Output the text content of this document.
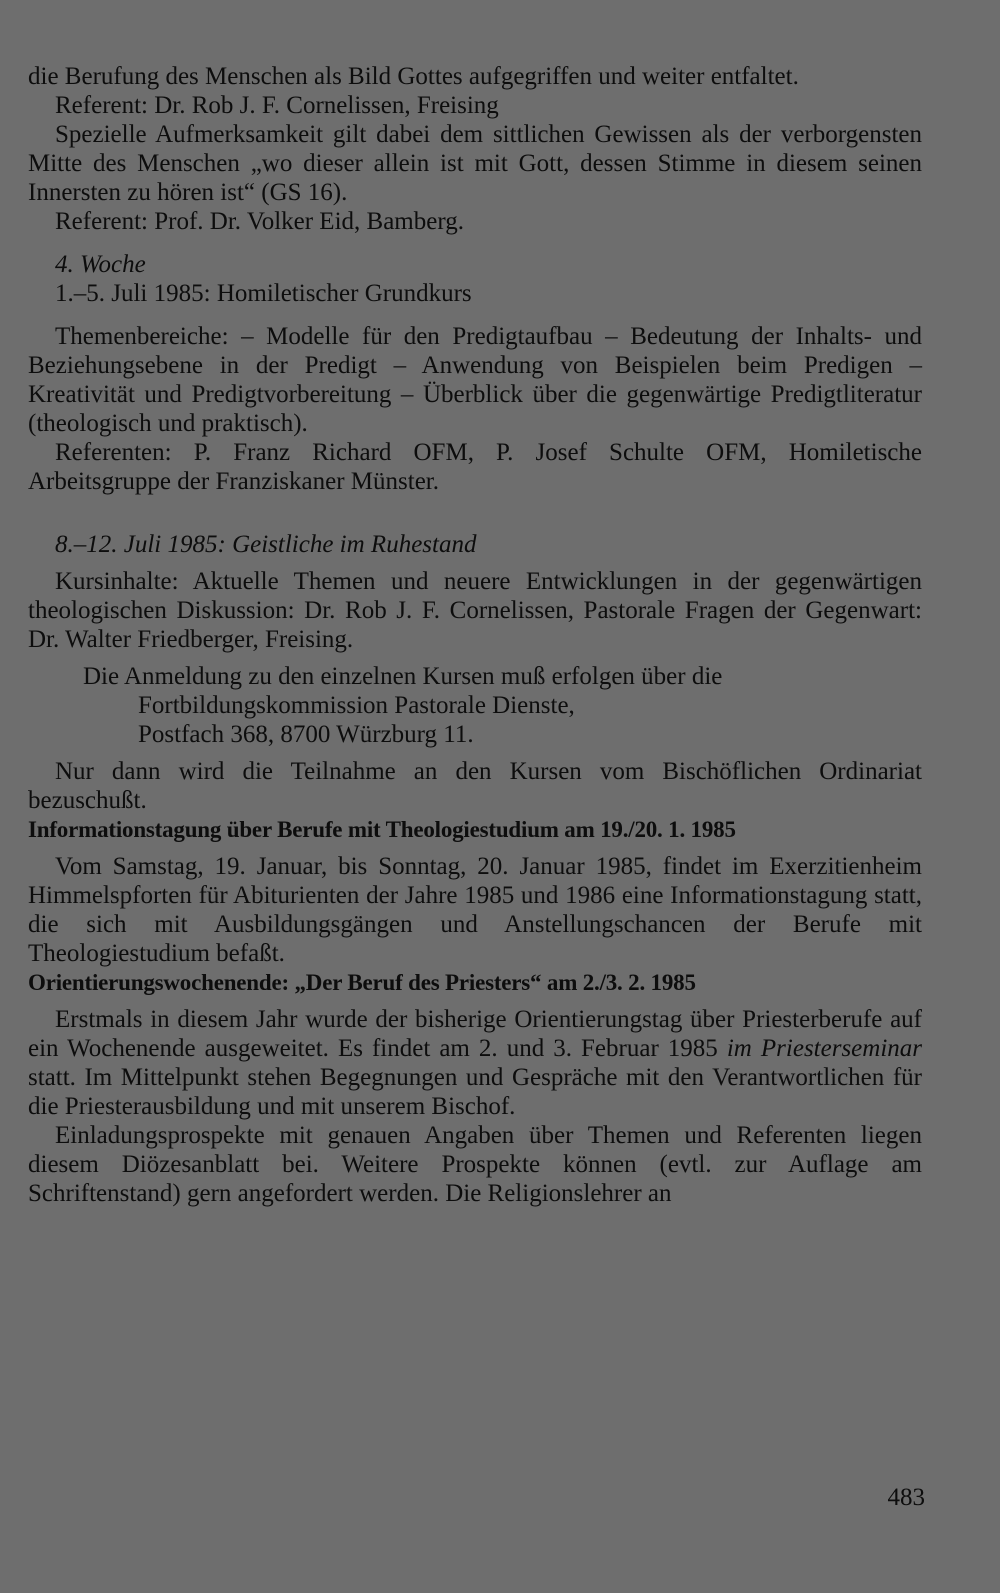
die Berufung des Menschen als Bild Gottes aufgegriffen und weiter entfaltet.

Referent: Dr. Rob J. F. Cornelissen, Freising

Spezielle Aufmerksamkeit gilt dabei dem sittlichen Gewissen als der verborgensten Mitte des Menschen „wo dieser allein ist mit Gott, dessen Stimme in diesem seinen Innersten zu hören ist“ (GS 16).

Referent: Prof. Dr. Volker Eid, Bamberg.

4. Woche

1.–5. Juli 1985: Homiletischer Grundkurs

Themenbereiche: – Modelle für den Predigtaufbau – Bedeutung der Inhalts- und Beziehungsebene in der Predigt – Anwendung von Beispielen beim Predigen – Kreativität und Predigtvorbereitung – Überblick über die gegenwärtige Predigtliteratur (theologisch und praktisch).

Referenten: P. Franz Richard OFM, P. Josef Schulte OFM, Homiletische Arbeitsgruppe der Franziskaner Münster.

8.–12. Juli 1985: Geistliche im Ruhestand

Kursinhalte: Aktuelle Themen und neuere Entwicklungen in der gegenwärtigen theologischen Diskussion: Dr. Rob J. F. Cornelissen, Pastorale Fragen der Gegenwart: Dr. Walter Friedberger, Freising.

Die Anmeldung zu den einzelnen Kursen muß erfolgen über die
Fortbildungskommission Pastorale Dienste,
Postfach 368, 8700 Würzburg 11.

Nur dann wird die Teilnahme an den Kursen vom Bischöflichen Ordinariat bezuschußt.

Informationstagung über Berufe mit Theologiestudium am 19./20. 1. 1985

Vom Samstag, 19. Januar, bis Sonntag, 20. Januar 1985, findet im Exerzitienheim Himmelspforten für Abiturienten der Jahre 1985 und 1986 eine Informationstagung statt, die sich mit Ausbildungsgängen und Anstellungschancen der Berufe mit Theologiestudium befaßt.

Orientierungswochenende: „Der Beruf des Priesters“ am 2./3. 2. 1985

Erstmals in diesem Jahr wurde der bisherige Orientierungstag über Priesterberufe auf ein Wochenende ausgeweitet. Es findet am 2. und 3. Februar 1985 im Priesterseminar statt. Im Mittelpunkt stehen Begegnungen und Gespräche mit den Verantwortlichen für die Priesterausbildung und mit unserem Bischof.

Einladungsprospekte mit genauen Angaben über Themen und Referenten liegen diesem Diözesanblatt bei. Weitere Prospekte können (evtl. zur Auflage am Schriftenstand) gern angefordert werden. Die Religionslehrer an

483
